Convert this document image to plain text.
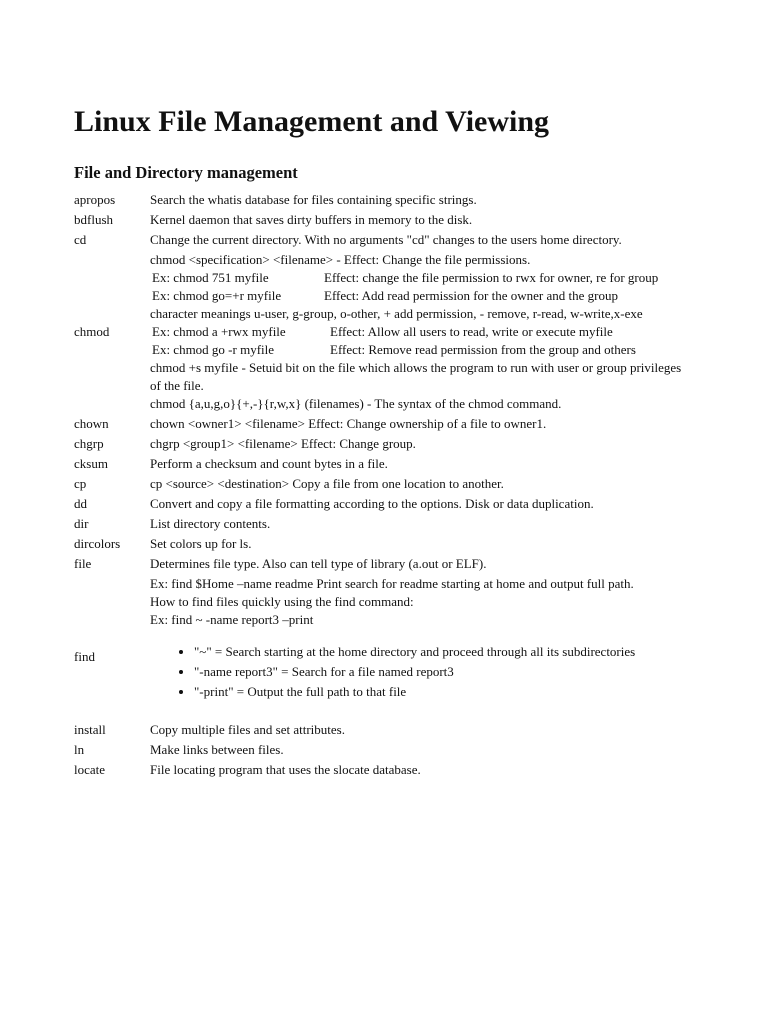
Linux File Management and Viewing
File and Directory management
apropos	Search the whatis database for files containing specific strings.
bdflush	Kernel daemon that saves dirty buffers in memory to the disk.
cd	Change the current directory. With no arguments "cd" changes to the users home directory.
chmod	
chmod <specification> <filename> - Effect: Change the file permissions.
Ex: chmod 751 myfile	Effect: change the file permission to rwx for owner, re for group
Ex: chmod go=+r myfile	Effect: Add read permission for the owner and the group
character meanings u-user, g-group, o-other, + add permission, - remove, r-read, w-write,x-exe
Ex: chmod a +rwx myfile	Effect: Allow all users to read, write or execute myfile
Ex: chmod go -r myfile	Effect: Remove read permission from the group and others
chmod +s myfile - Setuid bit on the file which allows the program to run with user or group privileges of the file.
chmod {a,u,g,o}{+,-}{r,w,x} (filenames) - The syntax of the chmod command.

chown	chown <owner1> <filename> Effect: Change ownership of a file to owner1.
chgrp	chgrp <group1> <filename> Effect: Change group.
cksum	Perform a checksum and count bytes in a file.
cp	cp <source> <destination> Copy a file from one location to another.
dd	Convert and copy a file formatting according to the options. Disk or data duplication.
dir	List directory contents.
dircolors	Set colors up for ls.
file	Determines file type. Also can tell type of library (a.out or ELF).
find	
Ex: find $Home –name readme Print search for readme starting at home and output full path.
How to find files quickly using the find command:
Ex: find ~ -name report3 –print
• "~" = Search starting at the home directory and proceed through all its subdirectories
• "-name report3" = Search for a file named report3
• "-print" = Output the full path to that file

install	Copy multiple files and set attributes.
ln	Make links between files.
locate	File locating program that uses the slocate database.
